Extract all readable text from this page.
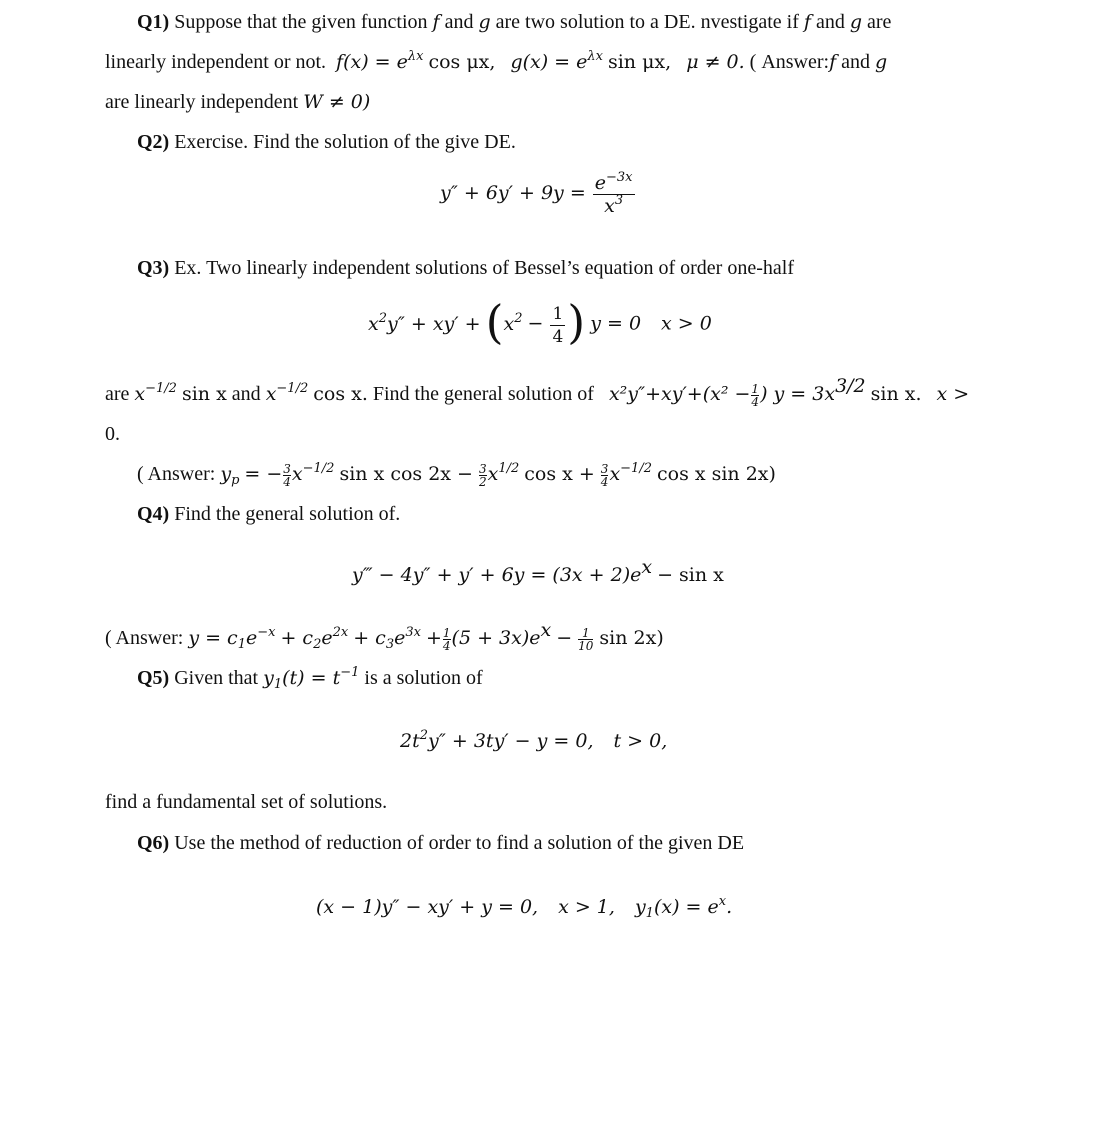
Q1) Suppose that the given function f and g are two solution to a DE. nvestigate if f and g are
linearly independent or not. $f(x) = e^{\lambda x}$ cos μx, $g(x) = e^{\lambda x}$ sin μx, μ ≠ 0. ( Answer:f and g
are linearly independent W ≠ 0)
Q2) Exercise. Find the solution of the give DE.
$y'' + 6y' + 9y = \frac{e^{-3x}}{x^3}$
Q3) Ex. Two linearly independent solutions of Bessel’s equation of order one-half
$x^2y'' + xy' + (x^2 - \frac{1}{4}$ ) y = 0 x > 0
are $x^{-1/2}$ sin x and $x^{-1/2}$ cos x. Find the general solution of $x^2y''+xy'+(x^2 - \frac{1}{4}$ ) $y = 3x^{3/2}$ sin x. x >
0.
( Answer: $y_p$ = − $\frac{3}{4} x^{-1/2}$ sin x $\cos 2x - \frac{3}{2} x^{1/2}$ $\cos x + \frac{3}{4} x^{-1/2}$ cos x sin 2x)
Q4) Find the general solution of.
y‴ − $4y'' + y' + 6y = (3x + 2)e^x - \sin x$
( Answer: $y = c_1e^{-x} + c_2e^{2x} + c_3e^{3x} + \frac{1}{4} (5 + 3x)e^x - \frac{1}{10}$ sin 2x)
Q5) Given that $y_1(t) = t^{-1}$ is a solution of
$2t^2y'' + 3ty' - y = 0$, t > 0,
find a fundamental set of solutions.
Q6) Use the method of reduction of order to find a solution of the given DE
(x − 1)y″ − xy′ + y = 0, x > 1, $y_1(x) = e^x$.
